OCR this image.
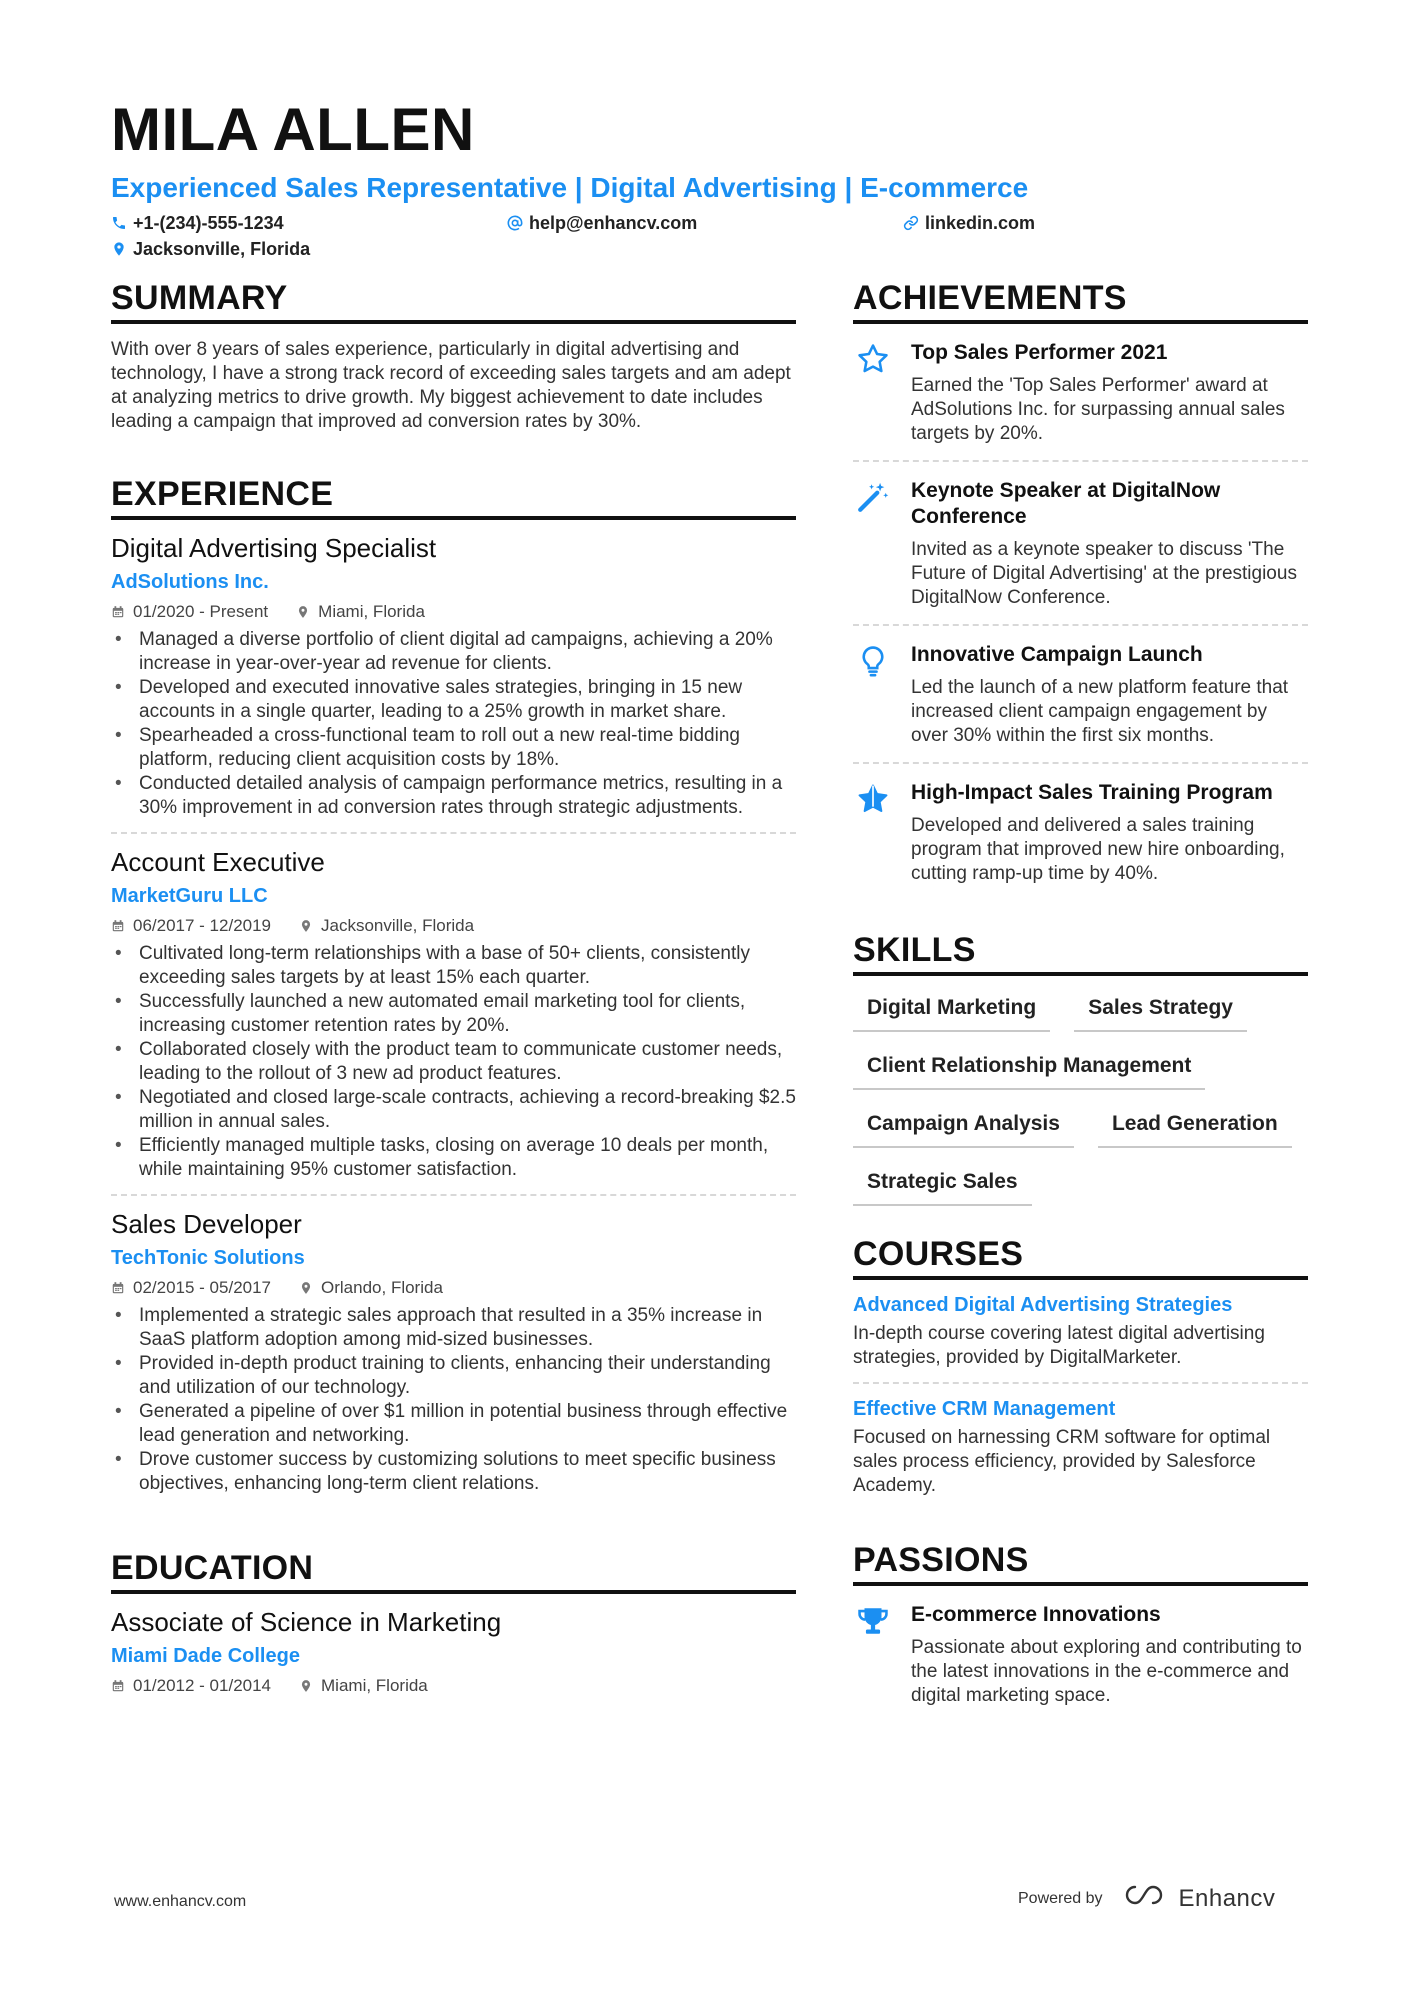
MILA ALLEN
Experienced Sales Representative | Digital Advertising | E-commerce
+1-(234)-555-1234	help@enhancv.com	linkedin.com
Jacksonville, Florida
SUMMARY
With over 8 years of sales experience, particularly in digital advertising and technology, I have a strong track record of exceeding sales targets and am adept at analyzing metrics to drive growth. My biggest achievement to date includes leading a campaign that improved ad conversion rates by 30%.
EXPERIENCE
Digital Advertising Specialist
AdSolutions Inc.
01/2020 - Present	Miami, Florida
• Managed a diverse portfolio of client digital ad campaigns, achieving a 20% increase in year-over-year ad revenue for clients.
• Developed and executed innovative sales strategies, bringing in 15 new accounts in a single quarter, leading to a 25% growth in market share.
• Spearheaded a cross-functional team to roll out a new real-time bidding platform, reducing client acquisition costs by 18%.
• Conducted detailed analysis of campaign performance metrics, resulting in a 30% improvement in ad conversion rates through strategic adjustments.
Account Executive
MarketGuru LLC
06/2017 - 12/2019	Jacksonville, Florida
• Cultivated long-term relationships with a base of 50+ clients, consistently exceeding sales targets by at least 15% each quarter.
• Successfully launched a new automated email marketing tool for clients, increasing customer retention rates by 20%.
• Collaborated closely with the product team to communicate customer needs, leading to the rollout of 3 new ad product features.
• Negotiated and closed large-scale contracts, achieving a record-breaking $2.5 million in annual sales.
• Efficiently managed multiple tasks, closing on average 10 deals per month, while maintaining 95% customer satisfaction.
Sales Developer
TechTonic Solutions
02/2015 - 05/2017	Orlando, Florida
• Implemented a strategic sales approach that resulted in a 35% increase in SaaS platform adoption among mid-sized businesses.
• Provided in-depth product training to clients, enhancing their understanding and utilization of our technology.
• Generated a pipeline of over $1 million in potential business through effective lead generation and networking.
• Drove customer success by customizing solutions to meet specific business objectives, enhancing long-term client relations.
EDUCATION
Associate of Science in Marketing
Miami Dade College
01/2012 - 01/2014	Miami, Florida
ACHIEVEMENTS
Top Sales Performer 2021
Earned the 'Top Sales Performer' award at AdSolutions Inc. for surpassing annual sales targets by 20%.
Keynote Speaker at DigitalNow Conference
Invited as a keynote speaker to discuss 'The Future of Digital Advertising' at the prestigious DigitalNow Conference.
Innovative Campaign Launch
Led the launch of a new platform feature that increased client campaign engagement by over 30% within the first six months.
High-Impact Sales Training Program
Developed and delivered a sales training program that improved new hire onboarding, cutting ramp-up time by 40%.
SKILLS
Digital Marketing	Sales Strategy
Client Relationship Management
Campaign Analysis	Lead Generation
Strategic Sales
COURSES
Advanced Digital Advertising Strategies
In-depth course covering latest digital advertising strategies, provided by DigitalMarketer.
Effective CRM Management
Focused on harnessing CRM software for optimal sales process efficiency, provided by Salesforce Academy.
PASSIONS
E-commerce Innovations
Passionate about exploring and contributing to the latest innovations in the e-commerce and digital marketing space.
www.enhancv.com	Powered by	Enhancv
